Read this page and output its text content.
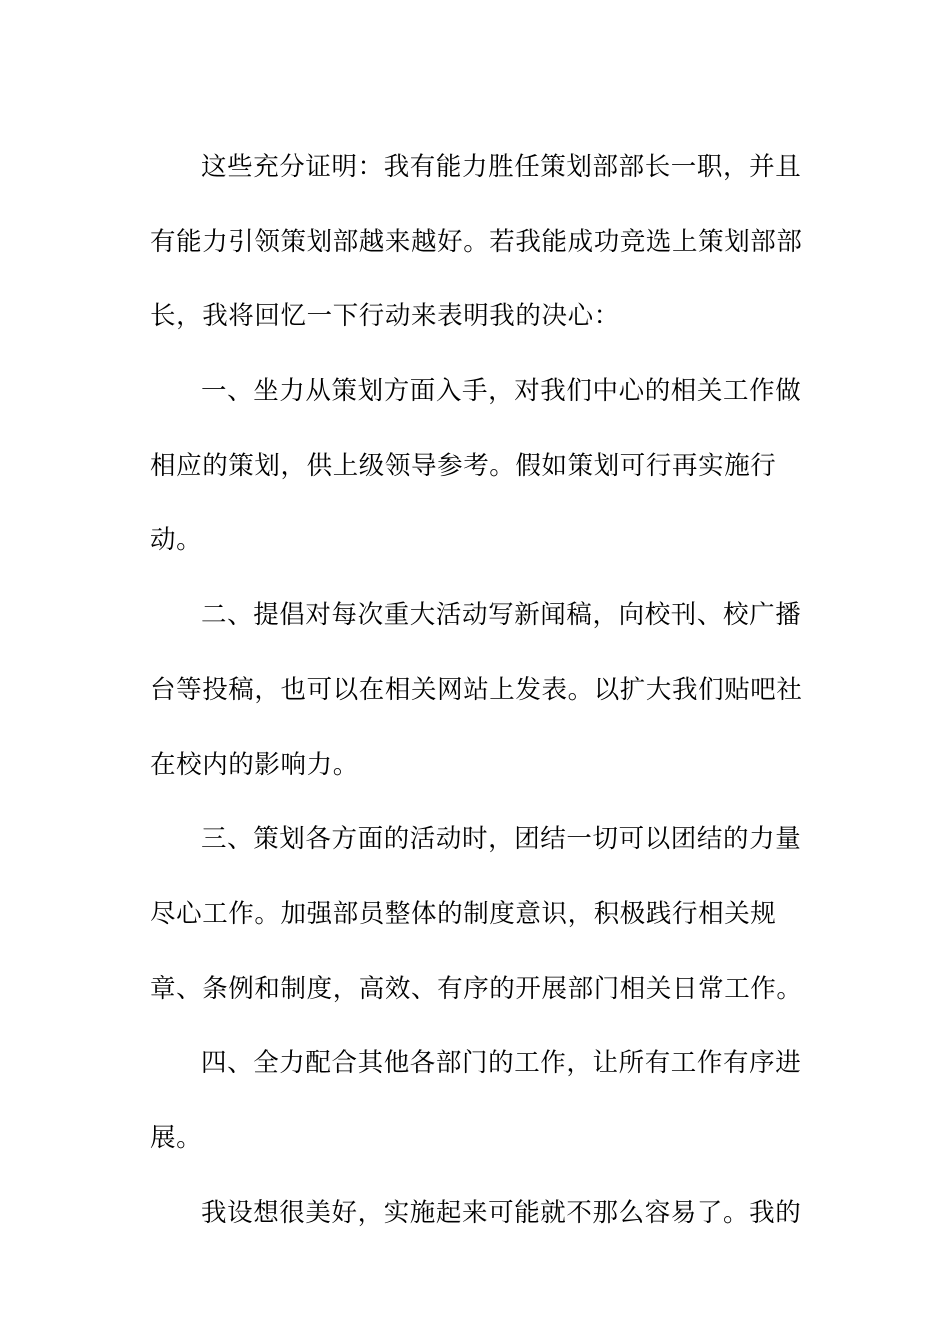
这些充分证明：我有能力胜任策划部部长一职，并且
有能力引领策划部越来越好。若我能成功竞选上策划部部
长，我将回忆一下行动来表明我的决心：
一、坐力从策划方面入手，对我们中心的相关工作做
相应的策划，供上级领导参考。假如策划可行再实施行
动。
二、提倡对每次重大活动写新闻稿，向校刊、校广播
台等投稿，也可以在相关网站上发表。以扩大我们贴吧社
在校内的影响力。
三、策划各方面的活动时，团结一切可以团结的力量
尽心工作。加强部员整体的制度意识，积极践行相关规
章、条例和制度，高效、有序的开展部门相关日常工作。
四、全力配合其他各部门的工作，让所有工作有序进
展。
我设想很美好，实施起来可能就不那么容易了。我的
